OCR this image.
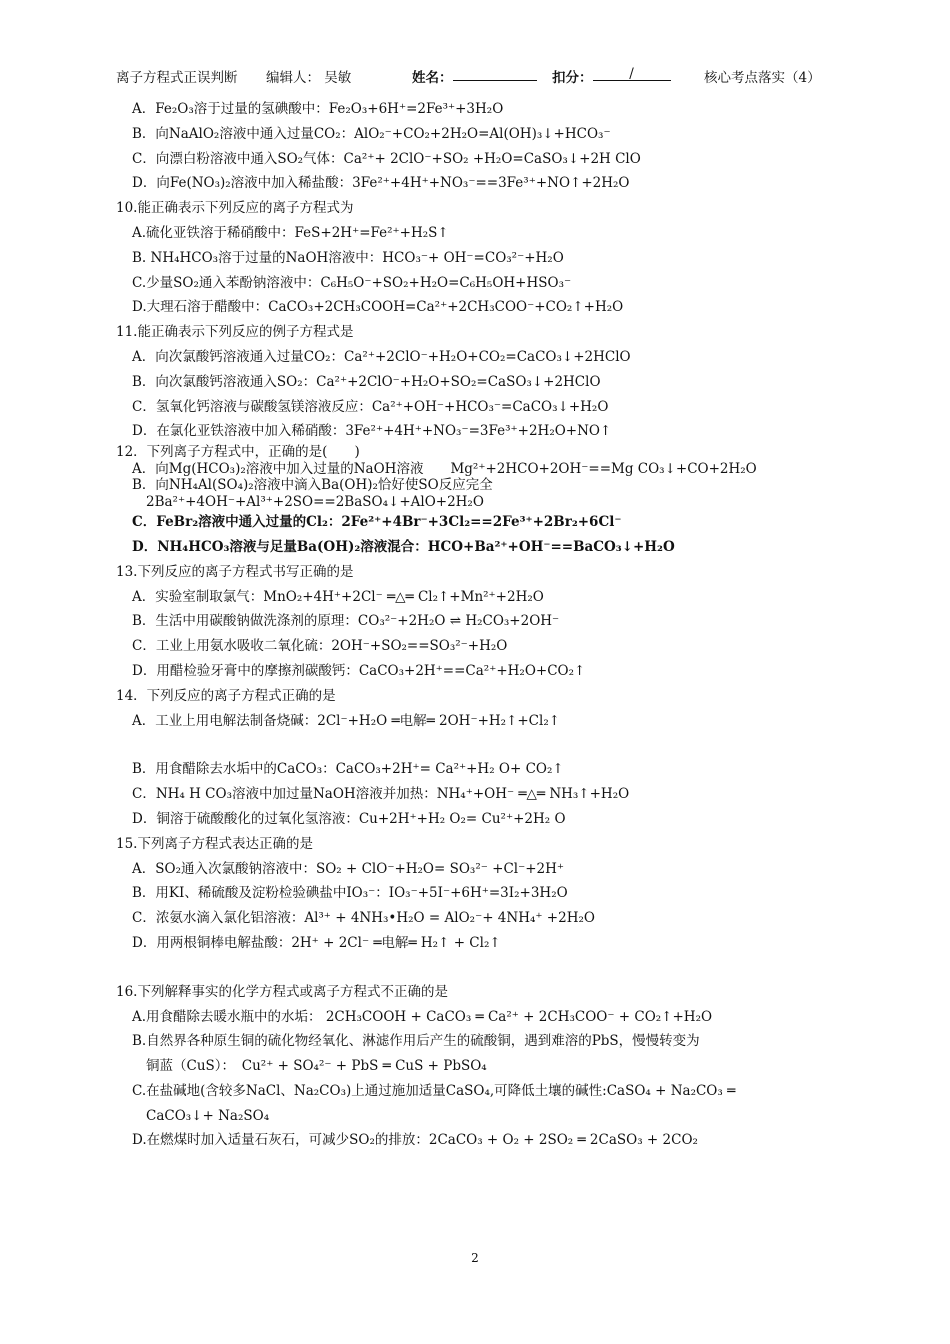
离子方程式正误判断 编辑人： 吴敏	姓名：	扣分：	/	核心考点落实（4）
A．Fe₂O₃溶于过量的氢碘酸中：Fe₂O₃+6H⁺=2Fe³⁺+3H₂O
B．向NaAlO₂溶液中通入过量CO₂：AlO₂⁻+CO₂+2H₂O=Al(OH)₃↓+HCO₃⁻
C．向漂白粉溶液中通入SO₂气体：Ca²⁺+ 2ClO⁻+SO₂ +H₂O=CaSO₃↓+2H ClO
D．向Fe(NO₃)₂溶液中加入稀盐酸：3Fe²⁺+4H⁺+NO₃⁻==3Fe³⁺+NO↑+2H₂O
10.能正确表示下列反应的离子方程式为
A.硫化亚铁溶于稀硝酸中：FeS+2H⁺=Fe²⁺+H₂S↑
B. NH₄HCO₃溶于过量的NaOH溶液中：HCO₃⁻+ OH⁻=CO₃²⁻+H₂O
C.少量SO₂通入苯酚钠溶液中：C₆H₅O⁻+SO₂+H₂O=C₆H₅OH+HSO₃⁻
D.大理石溶于醋酸中：CaCO₃+2CH₃COOH=Ca²⁺+2CH₃COO⁻+CO₂↑+H₂O
11.能正确表示下列反应的例子方程式是
A．向次氯酸钙溶液通入过量CO₂：Ca²⁺+2ClO⁻+H₂O+CO₂=CaCO₃↓+2HClO
B．向次氯酸钙溶液通入SO₂：Ca²⁺+2ClO⁻+H₂O+SO₂=CaSO₃↓+2HClO
C．氢氧化钙溶液与碳酸氢镁溶液反应：Ca²⁺+OH⁻+HCO₃⁻=CaCO₃↓+H₂O
D．在氯化亚铁溶液中加入稀硝酸：3Fe²⁺+4H⁺+NO₃⁻=3Fe³⁺+2H₂O+NO↑
12．下列离子方程式中，正确的是(　　)
A．向Mg(HCO₃)₂溶液中加入过量的NaOH溶液　　Mg²⁺+2HCO+2OH⁻==Mg CO₃↓+CO+2H₂O
B．向NH₄Al(SO₄)₂溶液中滴入Ba(OH)₂恰好使SO反应完全
2Ba²⁺+4OH⁻+Al³⁺+2SO==2BaSO₄↓+AlO+2H₂O
C．FeBr₂溶液中通入过量的Cl₂：2Fe²⁺+4Br⁻+3Cl₂==2Fe³⁺+2Br₂+6Cl⁻
D．NH₄HCO₃溶液与足量Ba(OH)₂溶液混合：HCO+Ba²⁺+OH⁻==BaCO₃↓+H₂O
13.下列反应的离子方程式书写正确的是
A．实验室制取氯气：MnO₂+4H⁺+2Cl⁻ ═△═ Cl₂↑+Mn²⁺+2H₂O
B．生活中用碳酸钠做洗涤剂的原理：CO₃²⁻+2H₂O ⇌ H₂CO₃+2OH⁻
C．工业上用氨水吸收二氧化硫：2OH⁻+SO₂==SO₃²⁻+H₂O
D．用醋检验牙膏中的摩擦剂碳酸钙：CaCO₃+2H⁺==Ca²⁺+H₂O+CO₂↑
14．下列反应的离子方程式正确的是
A．工业上用电解法制备烧碱：2Cl⁻+H₂O ═电解═ 2OH⁻+H₂↑+Cl₂↑
B．用食醋除去水垢中的CaCO₃：CaCO₃+2H⁺= Ca²⁺+H₂ O+ CO₂↑
C．NH₄ H CO₃溶液中加过量NaOH溶液并加热：NH₄⁺+OH⁻ ═△═ NH₃↑+H₂O
D．铜溶于硫酸酸化的过氧化氢溶液：Cu+2H⁺+H₂ O₂= Cu²⁺+2H₂ O
15.下列离子方程式表达正确的是
A．SO₂通入次氯酸钠溶液中：SO₂ + ClO⁻+H₂O= SO₃²⁻ +Cl⁻+2H⁺
B．用KI、稀硫酸及淀粉检验碘盐中IO₃⁻：IO₃⁻+5I⁻+6H⁺=3I₂+3H₂O
C．浓氨水滴入氯化铝溶液：Al³⁺ + 4NH₃•H₂O = AlO₂⁻+ 4NH₄⁺ +2H₂O
D．用两根铜棒电解盐酸：2H⁺ + 2Cl⁻ ═电解═ H₂↑ + Cl₂↑
16.下列解释事实的化学方程式或离子方程式不正确的是
A.用食醋除去暖水瓶中的水垢： 2CH₃COOH + CaCO₃ ═ Ca²⁺ + 2CH₃COO⁻ + CO₂↑+H₂O
B.自然界各种原生铜的硫化物经氧化、淋滤作用后产生的硫酸铜，遇到难溶的PbS，慢慢转变为
铜蓝（CuS）：　Cu²⁺ + SO₄²⁻ + PbS ═ CuS + PbSO₄
C.在盐碱地(含较多NaCl、Na₂CO₃)上通过施加适量CaSO₄,可降低土壤的碱性:CaSO₄ + Na₂CO₃ ═
CaCO₃↓+ Na₂SO₄
D.在燃煤时加入适量石灰石，可减少SO₂的排放：2CaCO₃ + O₂ + 2SO₂ ═ 2CaSO₃ + 2CO₂
2
